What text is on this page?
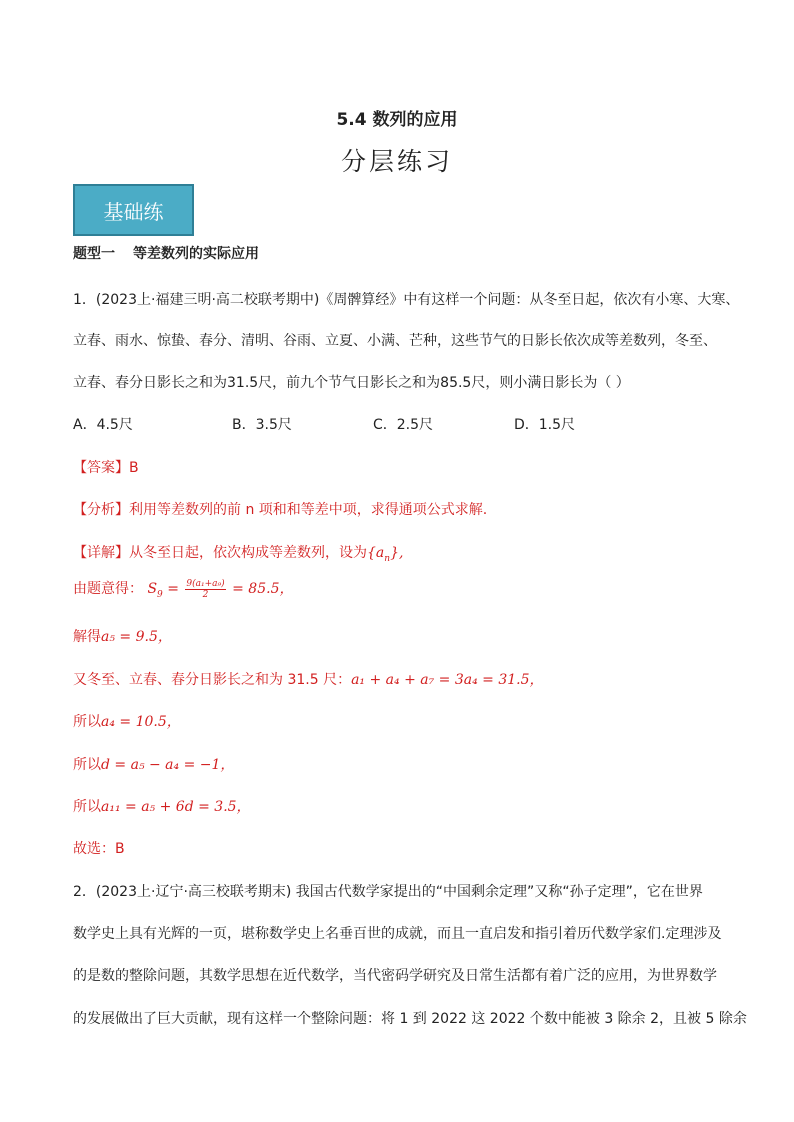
5.4 数列的应用
分层练习
基础练
题型一 等差数列的实际应用
1．(2023上·福建三明·高二校联考期中)《周髀算经》中有这样一个问题：从冬至日起，依次有小寒、大寒、
立春、雨水、惊蛰、春分、清明、谷雨、立夏、小满、芒种，这些节气的日影长依次成等差数列，冬至、
立春、春分日影长之和为31.5尺，前九个节气日影长之和为85.5尺，则小满日影长为（ ）
A．4.5尺	B．3.5尺	C．2.5尺	D．1.5尺
【答案】B
【分析】利用等差数列的前 n 项和和等差中项，求得通项公式求解.
【详解】从冬至日起，依次构成等差数列，设为$\{a_n\}$,
由题意得： $S_9 = \frac{\text{9(a₁+a₉)}}{2} = 85.5$，
解得a₅ = 9.5，
又冬至、立春、春分日影长之和为 31.5 尺：a₁ + a₄ + a₇ = 3a₄ = 31.5，
所以a₄ = 10.5，
所以d = a₅ − a₄ = −1，
所以a₁₁ = a₅ + 6d = 3.5，
故选：B
2．(2023上·辽宁·高三校联考期末) 我国古代数学家提出的“中国剩余定理”又称“孙子定理”，它在世界
数学史上具有光辉的一页，堪称数学史上名垂百世的成就，而且一直启发和指引着历代数学家们.定理涉及
的是数的整除问题，其数学思想在近代数学，当代密码学研究及日常生活都有着广泛的应用，为世界数学
的发展做出了巨大贡献，现有这样一个整除问题：将 1 到 2022 这 2022 个数中能被 3 除余 2，且被 5 除余
